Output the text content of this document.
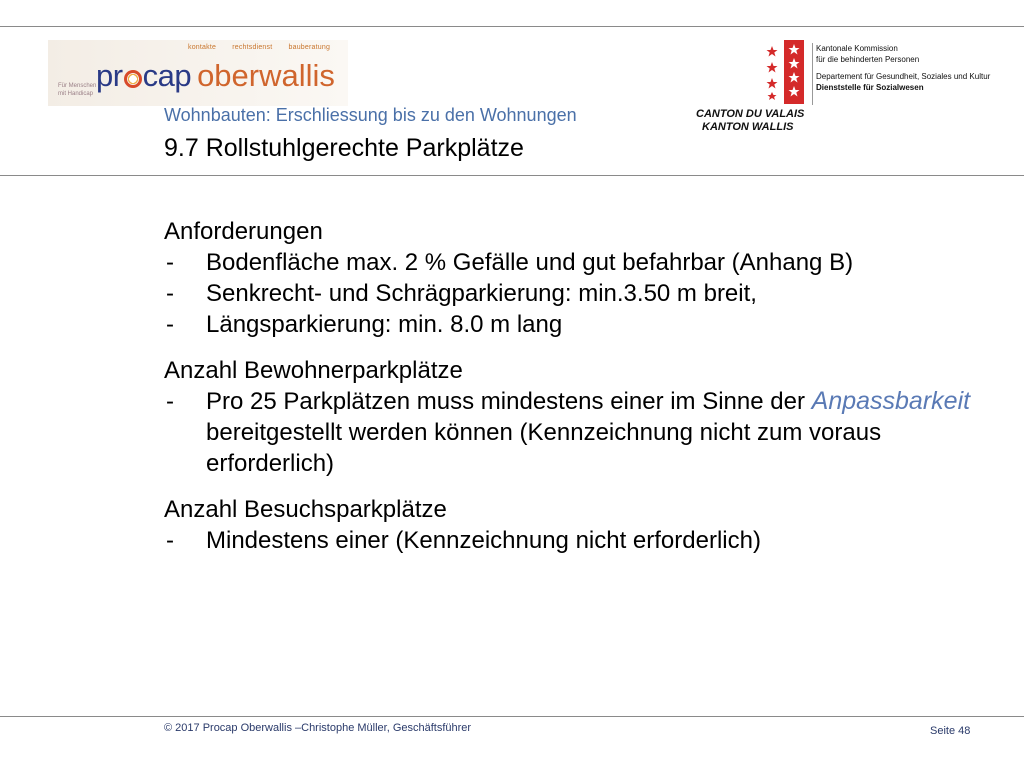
kontakte rechtsdienst bauberatung
Für Menschen
mit Handicap
pr cap oberwallis
CANTON DU VALAIS
KANTON WALLIS
Kantonale Kommission
für die behinderten Personen
Departement für Gesundheit, Soziales und Kultur
Dienststelle für Sozialwesen
Wohnbauten: Erschliessung bis zu den Wohnungen
9.7 Rollstuhlgerechte Parkplätze
Anforderungen
- Bodenfläche max. 2 % Gefälle und gut befahrbar (Anhang B)
- Senkrecht- und Schrägparkierung: min.3.50 m breit,
- Längsparkierung: min. 8.0 m lang
Anzahl Bewohnerparkplätze
- Pro 25 Parkplätzen muss mindestens einer im Sinne der Anpassbarkeit bereitgestellt werden können (Kennzeichnung nicht zum voraus erforderlich)
Anzahl Besuchsparkplätze
- Mindestens einer (Kennzeichnung nicht erforderlich)
© 2017 Procap Oberwallis –Christophe Müller, Geschäftsführer	Seite 48
